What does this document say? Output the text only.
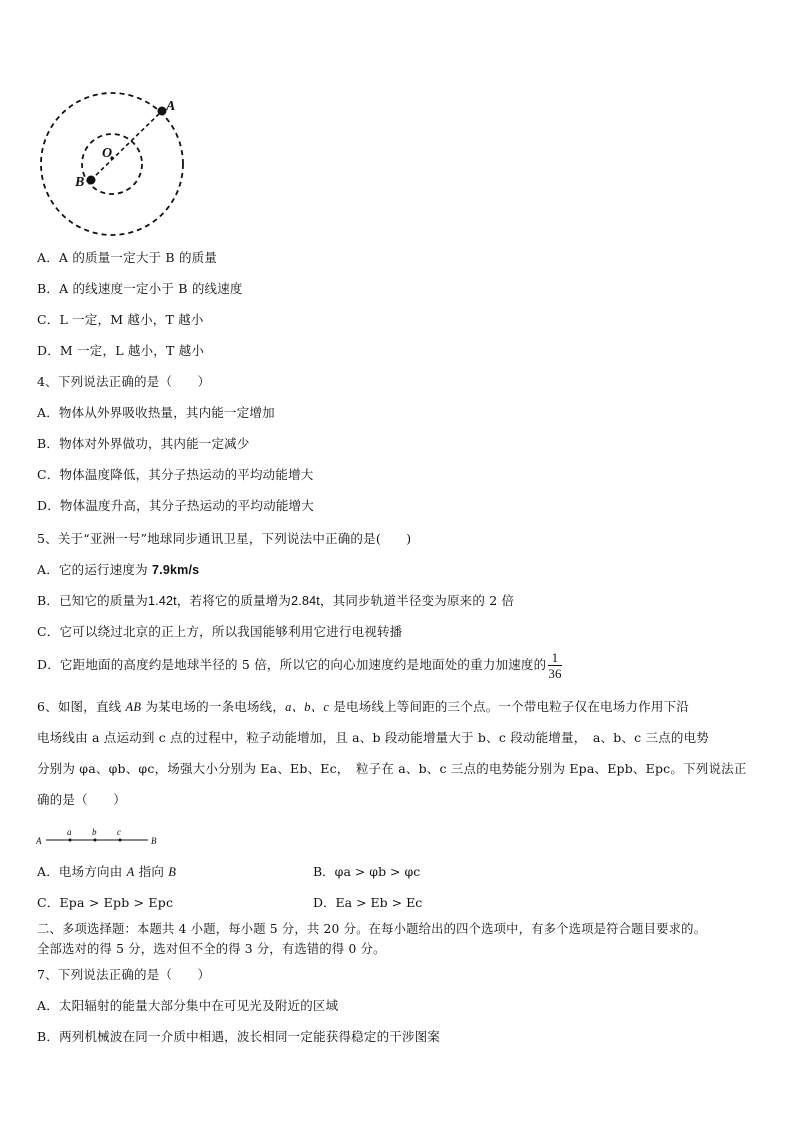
A
B
O
A．A 的质量一定大于 B 的质量
B．A 的线速度一定小于 B 的线速度
C．L 一定，M 越小，T 越小
D．M 一定，L 越小，T 越小
4、下列说法正确的是（　　）
A．物体从外界吸收热量，其内能一定增加
B．物体对外界做功，其内能一定减少
C．物体温度降低，其分子热运动的平均动能增大
D．物体温度升高，其分子热运动的平均动能增大
5、关于“亚洲一号”地球同步通讯卫星，下列说法中正确的是(　　)
A．它的运行速度为 7.9km/s
B．已知它的质量为1.42t，若将它的质量增为2.84t，其同步轨道半径变为原来的 2 倍
C．它可以绕过北京的正上方，所以我国能够利用它进行电视转播
D．它距地面的高度约是地球半径的 5 倍，所以它的向心加速度约是地面处的重力加速度的 $\frac{1}{36}$
6、如图，直线 AB 为某电场的一条电场线，a、b、c 是电场线上等间距的三个点。一个带电粒子仅在电场力作用下沿
电场线由 a 点运动到 c 点的过程中，粒子动能增加，且 a、b 段动能增量大于 b、c 段动能增量，　a、b、c 三点的电势
分别为 φa、φb、φc，场强大小分别为 Ea、Eb、Ec，　粒子在 a、b、c 三点的电势能分别为 Epa、Epb、Epc。下列说法正
确的是（　　）
A
a b c
B
A．电场方向由 A 指向 B	B．φa > φb > φc
C．Epa > Epb > Epc	D．Ea > Eb > Ec
二、多项选择题：本题共 4 小题，每小题 5 分，共 20 分。在每小题给出的四个选项中，有多个选项是符合题目要求的。
全部选对的得 5 分，选对但不全的得 3 分，有选错的得 0 分。
7、下列说法正确的是（　　）
A．太阳辐射的能量大部分集中在可见光及附近的区域
B．两列机械波在同一介质中相遇，波长相同一定能获得稳定的干涉图案
